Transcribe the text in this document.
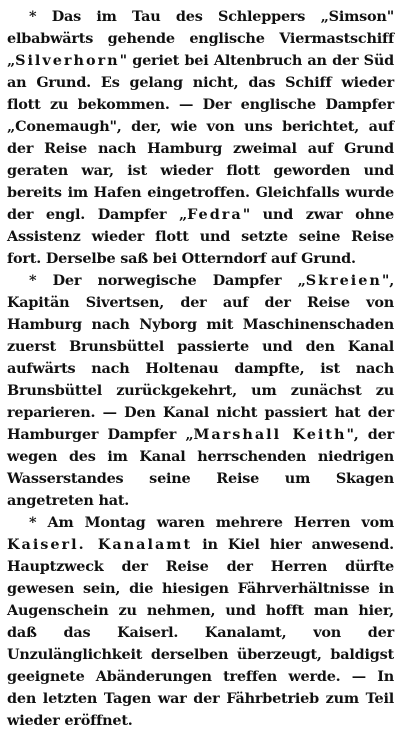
* Das im Tau des Schleppers „Simson" elbabwärts gehende englische Viermastschiff „Silverhorn" geriet bei Altenbruch an der Süd an Grund. Es gelang nicht, das Schiff wieder flott zu bekommen. — Der englische Dampfer „Conemaugh", der, wie von uns berichtet, auf der Reise nach Hamburg zweimal auf Grund geraten war, ist wieder flott geworden und bereits im Hafen eingetroffen. Gleichfalls wurde der engl. Dampfer „Fedra" und zwar ohne Assistenz wieder flott und setzte seine Reise fort. Derselbe saß bei Otterndorf auf Grund.

* Der norwegische Dampfer „Skreien", Kapitän Sivertsen, der auf der Reise von Hamburg nach Nyborg mit Maschinenschaden zuerst Brunsbüttel passierte und den Kanal aufwärts nach Holtenau dampfte, ist nach Brunsbüttel zurückgekehrt, um zunächst zu reparieren. — Den Kanal nicht passiert hat der Hamburger Dampfer „Marshall Keith", der wegen des im Kanal herrschenden niedrigen Wasserstandes seine Reise um Skagen angetreten hat.

* Am Montag waren mehrere Herren vom Kaiserl. Kanalamt in Kiel hier anwesend. Hauptzweck der Reise der Herren dürfte gewesen sein, die hiesigen Fährverhältnisse in Augenschein zu nehmen, und hofft man hier, daß das Kaiserl. Kanalamt, von der Unzulänglichkeit derselben überzeugt, baldigst geeignete Abänderungen treffen werde. — In den letzten Tagen war der Fährbetrieb zum Teil wieder eröffnet.
